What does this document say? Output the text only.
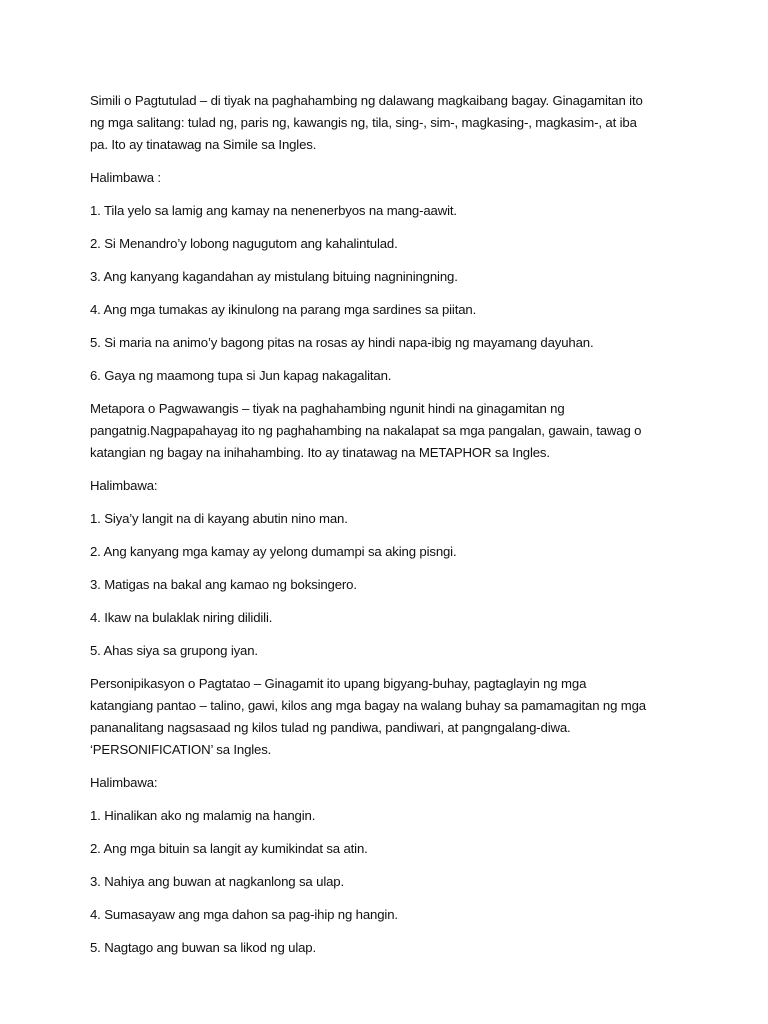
Simili o Pagtutulad – di tiyak na paghahambing ng dalawang magkaibang bagay. Ginagamitan ito ng mga salitang: tulad ng, paris ng, kawangis ng, tila, sing-, sim-, magkasing-, magkasim-, at iba pa. Ito ay tinatawag na Simile sa Ingles.

Halimbawa :

1. Tila yelo sa lamig ang kamay na nenenerbyos na mang-aawit.

2. Si Menandro’y lobong nagugutom ang kahalintulad.

3. Ang kanyang kagandahan ay mistulang bituing nagniningning.

4. Ang mga tumakas ay ikinulong na parang mga sardines sa piitan.

5. Si maria na animo’y bagong pitas na rosas ay hindi napa-ibig ng mayamang dayuhan.

6. Gaya ng maamong tupa si Jun kapag nakagalitan.

Metapora o Pagwawangis – tiyak na paghahambing ngunit hindi na ginagamitan ng pangatnig.Nagpapahayag ito ng paghahambing na nakalapat sa mga pangalan, gawain, tawag o katangian ng bagay na inihahambing. Ito ay tinatawag na METAPHOR sa Ingles.

Halimbawa:

1. Siya’y langit na di kayang abutin nino man.

2. Ang kanyang mga kamay ay yelong dumampi sa aking pisngi.

3. Matigas na bakal ang kamao ng boksingero.

4. Ikaw na bulaklak niring dilidili.

5. Ahas siya sa grupong iyan.

Personipikasyon o Pagtatao – Ginagamit ito upang bigyang-buhay, pagtaglayin ng mga katangiang pantao – talino, gawi, kilos ang mga bagay na walang buhay sa pamamagitan ng mga pananalitang nagsasaad ng kilos tulad ng pandiwa, pandiwari, at pangngalang-diwa. ‘PERSONIFICATION’ sa Ingles.

Halimbawa:

1. Hinalikan ako ng malamig na hangin.

2. Ang mga bituin sa langit ay kumikindat sa atin.

3. Nahiya ang buwan at nagkanlong sa ulap.

4. Sumasayaw ang mga dahon sa pag-ihip ng hangin.

5. Nagtago ang buwan sa likod ng ulap.
